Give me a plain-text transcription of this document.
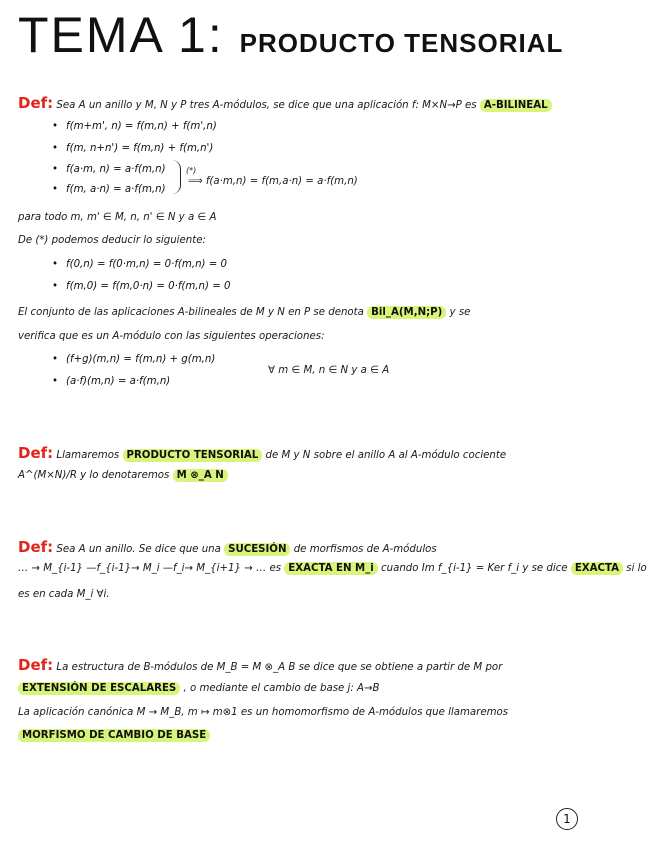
TEMA 1: PRODUCTO TENSORIAL
Def: Sea A un anillo y M, N y P tres A-módulos, se dice que una aplicación f: M×N→P es A-BILINEAL
• f(m+m', n) = f(m,n) + f(m',n)
• f(m, n+n') = f(m,n) + f(m,n')
• f(a·m, n) = a·f(m,n)
• f(m, a·n) = a·f(m,n)
(*)
⟹ f(a·m,n) = f(m,a·n) = a·f(m,n)
para todo m, m' ∈ M, n, n' ∈ N y a ∈ A
De (*) podemos deducir lo siguiente:
• f(0,n) = f(0·m,n) = 0·f(m,n) = 0
• f(m,0) = f(m,0·n) = 0·f(m,n) = 0
El conjunto de las aplicaciones A-bilineales de M y N en P se denota Bil_A(M,N;P) y se
verifica que es un A-módulo con las siguientes operaciones:
• (f+g)(m,n) = f(m,n) + g(m,n)
• (a·f)(m,n) = a·f(m,n)
∀ m ∈ M, n ∈ N y a ∈ A
Def: Llamaremos PRODUCTO TENSORIAL de M y N sobre el anillo A al A-módulo cociente
A^(M×N)/R y lo denotaremos M ⊗_A N
Def: Sea A un anillo. Se dice que una SUCESIÓN de morfismos de A-módulos
… → M_{i-1} —f_{i-1}→ M_i —f_i→ M_{i+1} → … es EXACTA EN M_i cuando Im f_{i-1} = Ker f_i y se dice EXACTA si lo
es en cada M_i ∀i.
Def: La estructura de B-módulos de M_B = M ⊗_A B se dice que se obtiene a partir de M por
EXTENSIÓN DE ESCALARES , o mediante el cambio de base j: A→B
La aplicación canónica M → M_B, m ↦ m⊗1 es un homomorfismo de A-módulos que llamaremos
MORFISMO DE CAMBIO DE BASE
1
